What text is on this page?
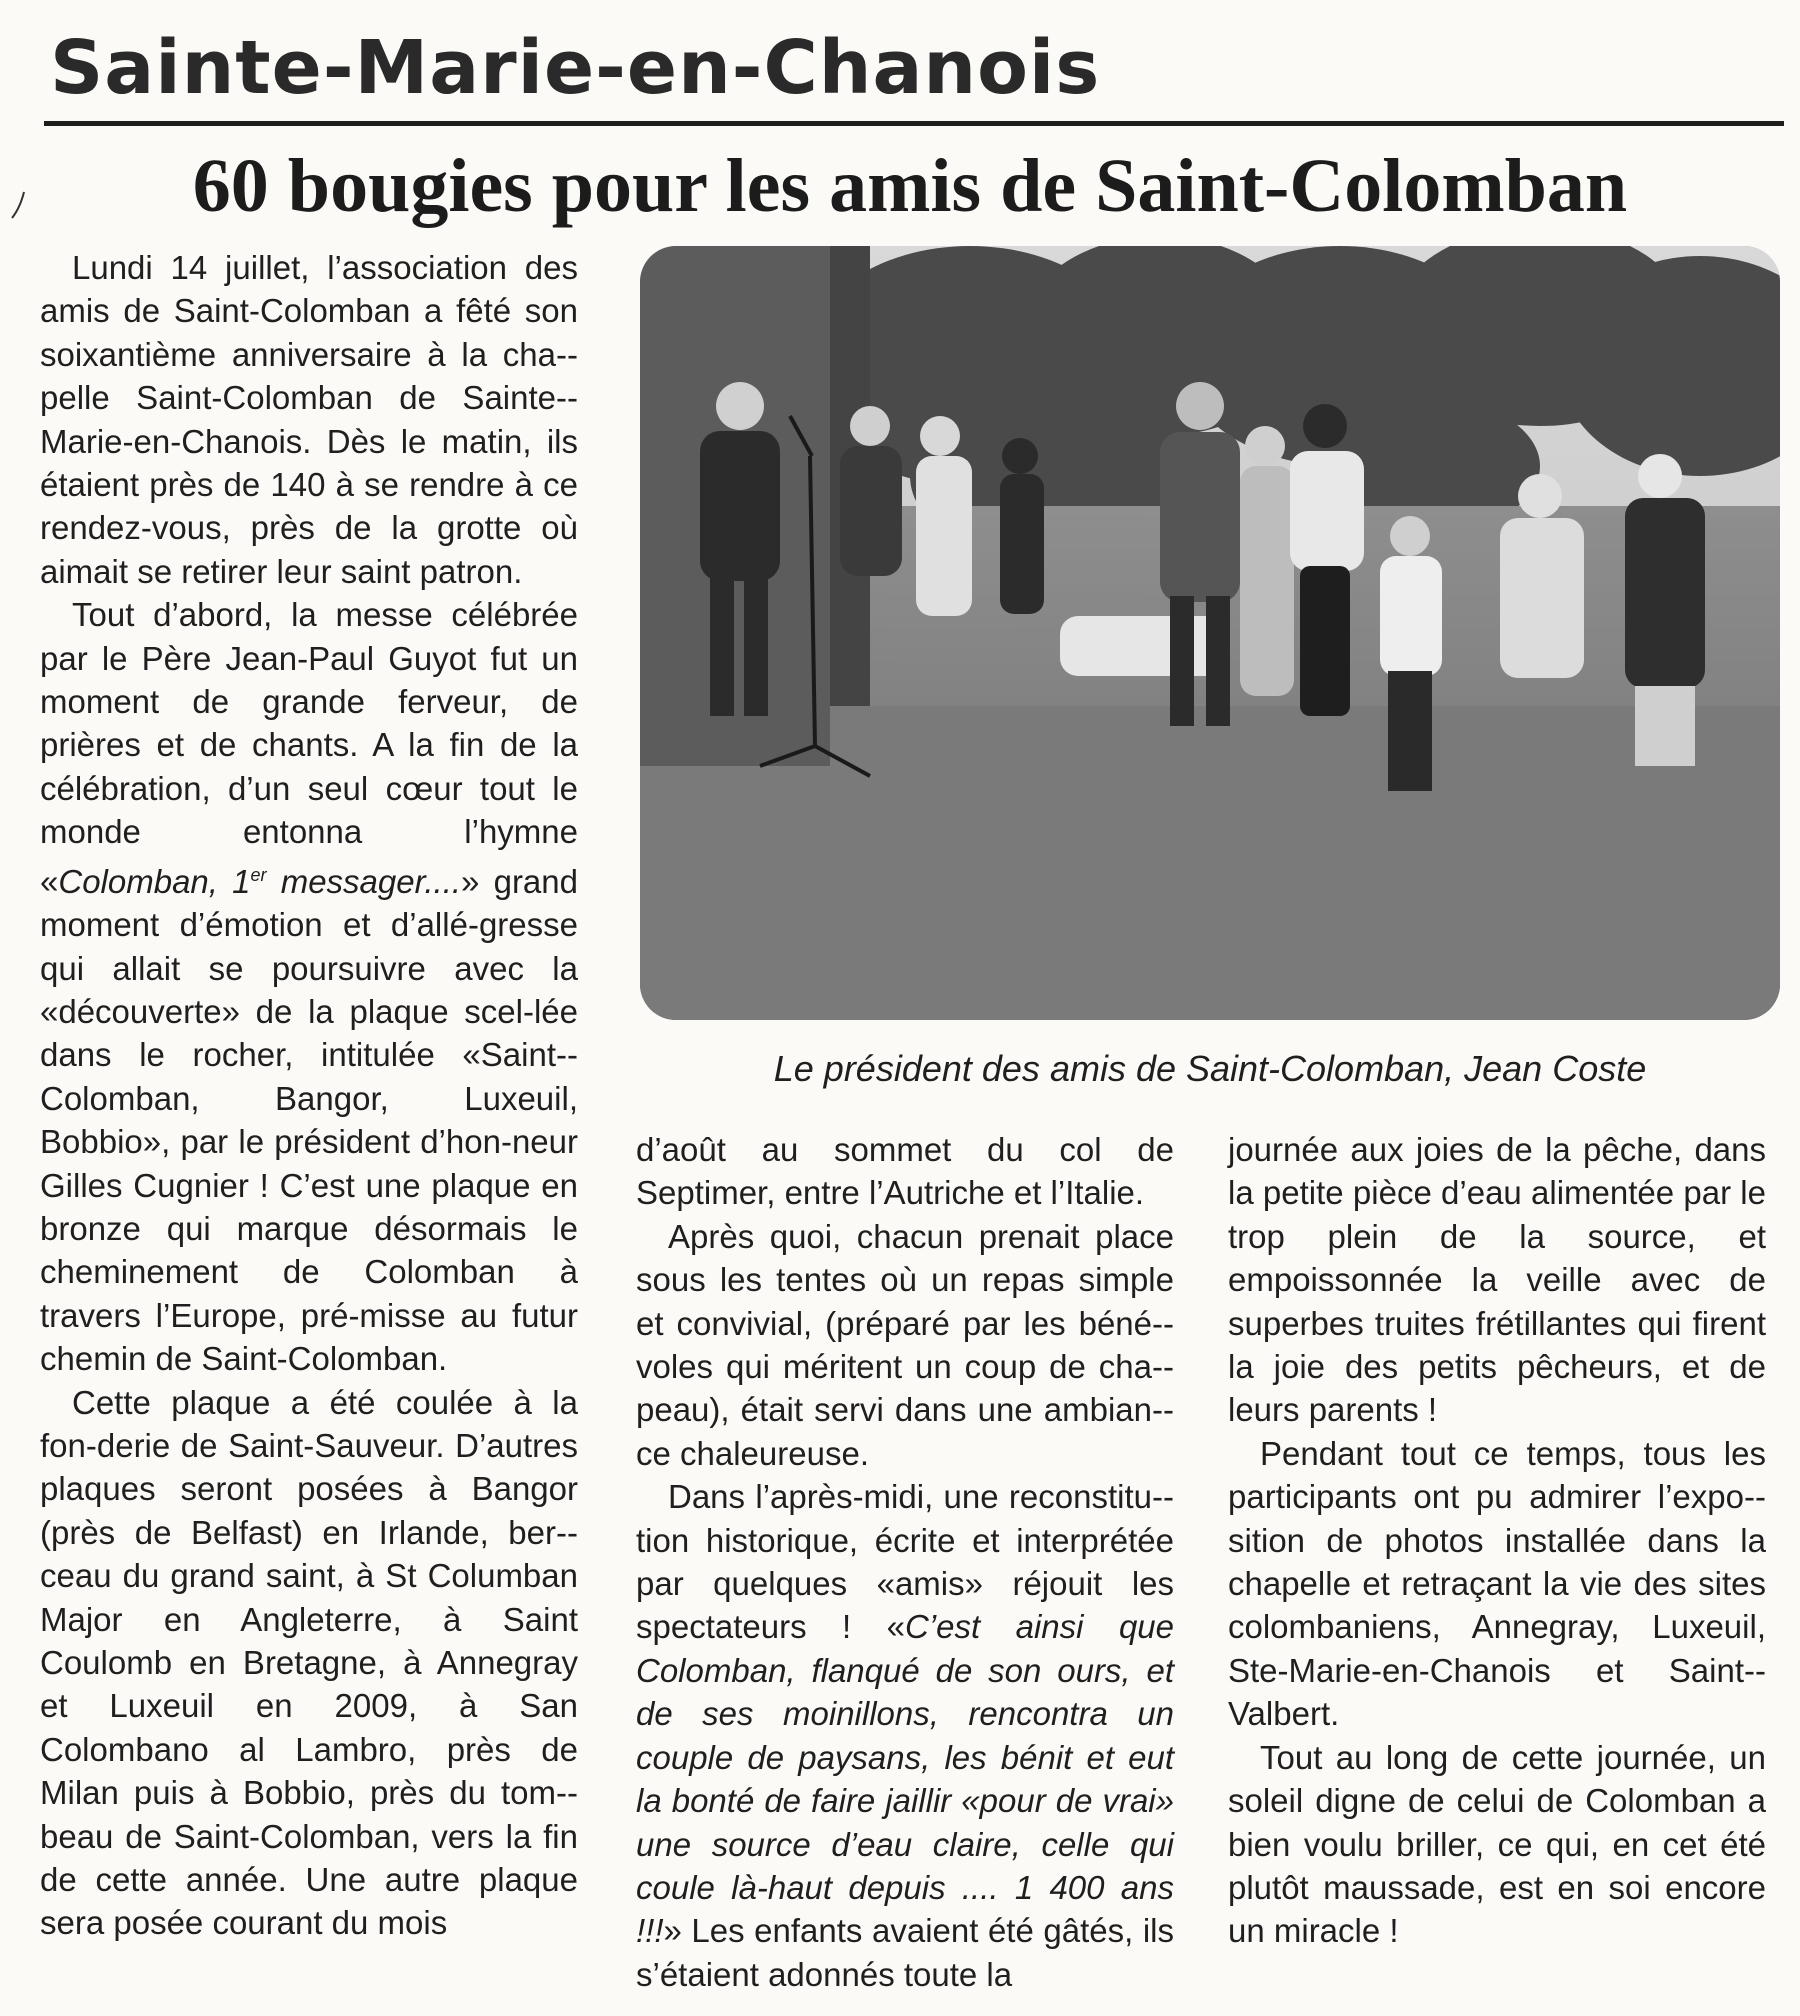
Sainte-Marie-en-Chanois
60 bougies pour les amis de Saint-Colomban

Lundi 14 juillet, l’association des amis de Saint-Colomban a fêté son soixantième anniversaire à la cha-pelle Saint-Colomban de Sainte-Marie-en-Chanois. Dès le matin, ils étaient près de 140 à se rendre à ce rendez-vous, près de la grotte où aimait se retirer leur saint patron.

Tout d’abord, la messe célébrée par le Père Jean-Paul Guyot fut un moment de grande ferveur, de prières et de chants. A la fin de la célébration, d’un seul cœur tout le monde entonna l’hymne «Colomban, 1er messager....» grand moment d’émotion et d’allé-gresse qui allait se poursuivre avec la «découverte» de la plaque scel-lée dans le rocher, intitulée «Saint-Colomban, Bangor, Luxeuil, Bobbio», par le président d’hon-neur Gilles Cugnier ! C’est une plaque en bronze qui marque désormais le cheminement de Colomban à travers l’Europe, pré-misse au futur chemin de Saint-Colomban.

Cette plaque a été coulée à la fon-derie de Saint-Sauveur. D’autres plaques seront posées à Bangor (près de Belfast) en Irlande, ber-ceau du grand saint, à St Columban Major en Angleterre, à Saint Coulomb en Bretagne, à Annegray et Luxeuil en 2009, à San Colombano al Lambro, près de Milan puis à Bobbio, près du tom-beau de Saint-Colomban, vers la fin de cette année. Une autre plaque sera posée courant du mois

Le président des amis de Saint-Colomban, Jean Coste

d’août au sommet du col de Septimer, entre l’Autriche et l’Italie.

Après quoi, chacun prenait place sous les tentes où un repas simple et convivial, (préparé par les béné-voles qui méritent un coup de cha-peau), était servi dans une ambian-ce chaleureuse.

Dans l’après-midi, une reconstitu-tion historique, écrite et interprétée par quelques «amis» réjouit les spectateurs ! «C’est ainsi que Colomban, flanqué de son ours, et de ses moinillons, rencontra un couple de paysans, les bénit et eut la bonté de faire jaillir «pour de vrai» une source d’eau claire, celle qui coule là-haut depuis .... 1 400 ans !!!» Les enfants avaient été gâtés, ils s’étaient adonnés toute la

journée aux joies de la pêche, dans la petite pièce d’eau alimentée par le trop plein de la source, et empoissonnée la veille avec de superbes truites frétillantes qui firent la joie des petits pêcheurs, et de leurs parents !

Pendant tout ce temps, tous les participants ont pu admirer l’expo-sition de photos installée dans la chapelle et retraçant la vie des sites colombaniens, Annegray, Luxeuil, Ste-Marie-en-Chanois et Saint-Valbert.

Tout au long de cette journée, un soleil digne de celui de Colomban a bien voulu briller, ce qui, en cet été plutôt maussade, est en soi encore un miracle !
